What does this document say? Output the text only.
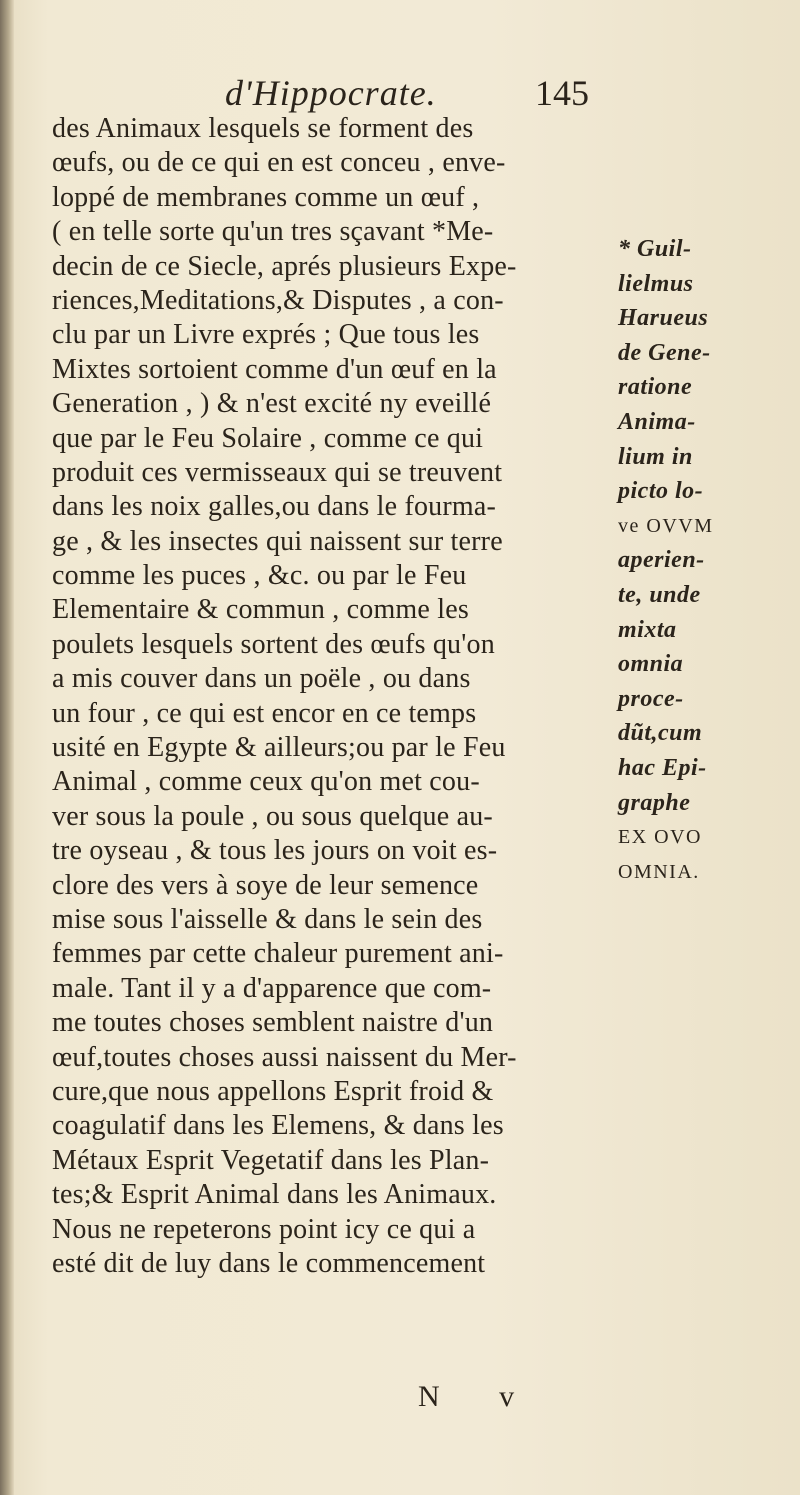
d'Hippocrate.	145
des Animaux lesquels se forment des
œufs, ou de ce qui en est conceu , enve-
loppé de membranes comme un œuf ,
( en telle sorte qu'un tres sçavant *Me-
decin de ce Siecle, aprés plusieurs Expe-
riences,Meditations,& Disputes , a con-
clu par un Livre exprés ; Que tous les
Mixtes sortoient comme d'un œuf en la
Generation , ) & n'est excité ny eveillé
que par le Feu Solaire , comme ce qui
produit ces vermisseaux qui se treuvent
dans les noix galles,ou dans le fourma-
ge , & les insectes qui naissent sur terre
comme les puces , &c. ou par le Feu
Elementaire & commun , comme les
poulets lesquels sortent des œufs qu'on
a mis couver dans un poële , ou dans
un four , ce qui est encor en ce temps
usité en Egypte & ailleurs;ou par le Feu
Animal , comme ceux qu'on met cou-
ver sous la poule , ou sous quelque au-
tre oyseau , & tous les jours on voit es-
clore des vers à soye de leur semence
mise sous l'aisselle & dans le sein des
femmes par cette chaleur purement ani-
male. Tant il y a d'apparence que com-
me toutes choses semblent naistre d'un
œuf,toutes choses aussi naissent du Mer-
cure,que nous appellons Esprit froid &
coagulatif dans les Elemens, & dans les
Métaux Esprit Vegetatif dans les Plan-
tes;& Esprit Animal dans les Animaux.
Nous ne repeterons point icy ce qui a
esté dit de luy dans le commencement
* Guil-
lielmus
Harueus
de Gene-
ratione
Anima-
lium in
picto lo-
ve OVVM
aperien-
te, unde
mixta
omnia
proce-
dũt,cum
hac Epi-
graphe
EX OVO
OMNIA.
N v
